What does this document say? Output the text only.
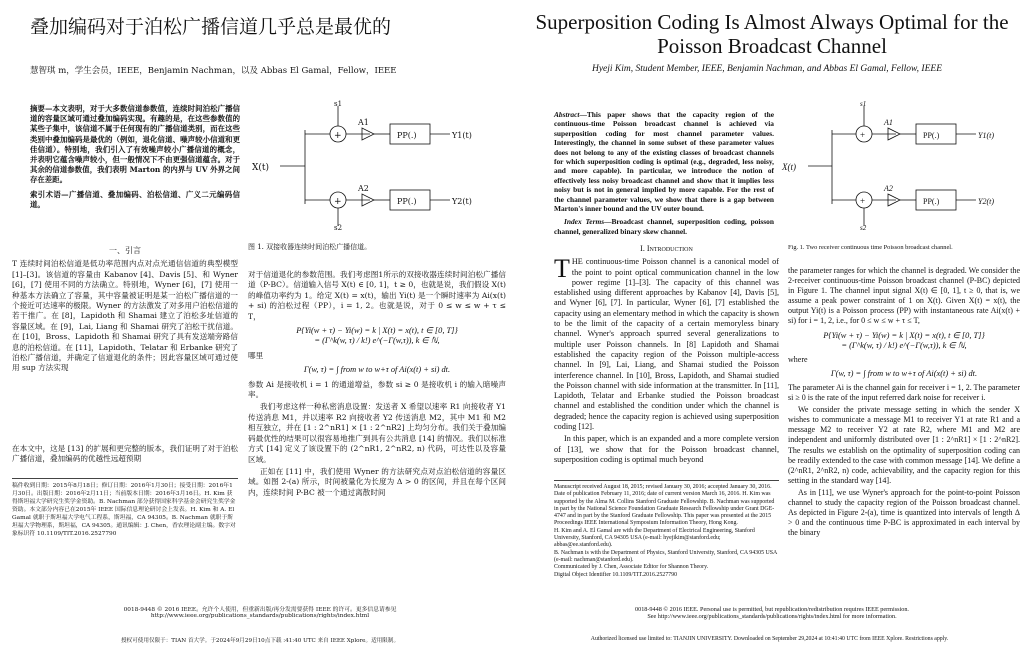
叠加编码对于泊松广播信道几乎总是最优的
慧智琪 m，学生会员，IEEE，Benjamin Nachman，以及 Abbas El Gamal，Fellow，IEEE
摘要—本文表明，对于大多数信道参数值，连续时间泊松广播信道的容量区域可通过叠加编码实现。有趣的是，在这些参数值的某些子集中，该信道不属于任何现有的广播信道类别，而在这些类别中叠加编码是最优的（例如，退化信道、噪声较小信道和更佳信道）。特别地，我们引入了有效噪声较小广播信道的概念，并表明它蕴含噪声较小，但一般情况下不由更强信道蕴含。对于其余的信道参数值，我们表明 Marton 的内界与 UV 外界之间存在差距。
索引术语—广播信道、叠加编码、泊松信道、广义二元编码信道。
X(t)
+
+
s1
s2
A1
A2
PP(.)
PP(.)
Y1(t)
Y2(t)
图 1. 双接收器连续时间泊松广播信道。
一、引言

T 连续时间泊松信道是低功率范围内点对点光通信信道的典型模型 [1]–[3]。该信道的容量由 Kabanov [4]、Davis [5]、和 Wyner [6]，[7] 使用不同的方法确立。特别地，Wyner [6]，[7] 使用一种基本方法确立了容量，其中容量被证明是某一泊松广播信道的一个接近可达速率的极限。Wyner 的方法激发了对多用户泊松信道的若干推广。在 [8]，Lapidoth 和 Shamai 建立了泊松多址信道的容量区域。在 [9]，Lai, Liang 和 Shamai 研究了泊松干扰信道。在 [10]，Bross、Lapidoth 和 Shamai 研究了具有发送端旁路信息的泊松信道。在 [11]，Lapidoth、Telatar 和 Erbanke 研究了泊松广播信道，并确定了信道退化的条件；因此容量区域可通过使用 sup 方法实现

在本文中，这是 [13] 的扩展和更完整的版本，我们证明了对于泊松广播信道，叠加编码的优越性远超预期
稿件收到日期：2015年8月18日；修订日期：2016年1月30日；接受日期：2016年1月30日。出版日期：2016年2月11日；当前版本日期：2016年3月16日。H. Kim 获得斯坦福大学研究生奖学金资助。B. Nachman 部分获得国家科学基金会研究生奖学金资助。本文部分内容已在2015年 IEEE 国际信息理论研讨会上发表。H. Kim 和 A. El Gamal 就职于斯坦福大学电气工程系，斯坦福，CA 94305。B. Nachman 就职于斯坦福大学物理系，斯坦福，CA 94305。通讯编辑：J. Chen，香农理论副主编。数字对象标识符 10.1109/TIT.2016.2527790

对于信道退化的参数范围。我们考虑图1所示的双接收器连续时间泊松广播信道（P-BC）。信道输入信号 X(t) ∈ [0, 1]，t ≥ 0，也就是说，我们假设 X(t) 的峰值功率约为 1。给定 X(t) = x(t)，输出 Yi(t) 是一个瞬时速率为 Ai(x(t) + si) 的泊松过程（PP），i = 1, 2。也就是说，对于 0 ≤ w ≤ w + τ ≤ T，

P{Yi(w + τ) − Yi(w) = k | X(t) = x(t), t ∈ [0, T]}
= (Γ^k(w, τ) / k!) e^(−Γ(w,τ)), k ∈ ℕ,

哪里

Γ(w, τ) = ∫ from w to w+τ of Ai(x(t) + si) dt.

参数 Ai 是接收机 i = 1 的通道增益，参数 si ≥ 0 是接收机 i 的输入暗噪声率。

我们考虑这样一种私密消息设置：发送者 X 希望以速率 R1 向接收者 Y1 传送消息 M1，并以速率 R2 向接收者 Y2 传送消息 M2，其中 M1 和 M2 相互独立，并在 [1 : 2^nR1] × [1 : 2^nR2] 上均匀分布。我们关于叠加编码最优性的结果可以很容易地推广到具有公共消息 [14] 的情况。我们以标准方式 [14] 定义了该设置下的 (2^nR1, 2^nR2, n) 代码，可达性以及容量区域。

正如在 [11] 中，我们使用 Wyner 的方法研究点对点泊松信道的容量区域。如图 2-(a) 所示，时间被量化为长度为 Δ > 0 的区间，并且在每个区间内，连续时间 P-BC 被一个通过离散时间

0018-9448 © 2016 IEEE。允许个人使用，但重新出版/再分发需要获得 IEEE 的许可。更多信息请参见
http://www.ieee.org/publications_standards/publications/rights/index.html
授权可使用仅限于：TIAN 首大学。于2024年9月29日10点下载 :41:40 UTC 来自 IEEE Xplore。适用限制。
Superposition Coding Is Almost Always Optimal for the Poisson Broadcast Channel
Hyeji Kim, Student Member, IEEE, Benjamin Nachman, and Abbas El Gamal, Fellow, IEEE
Abstract—This paper shows that the capacity region of the continuous-time Poisson broadcast channel is achieved via superposition coding for most channel parameter values. Interestingly, the channel in some subset of these parameter values does not belong to any of the existing classes of broadcast channels for which superposition coding is optimal (e.g., degraded, less noisy, and more capable). In particular, we introduce the notion of effectively less noisy broadcast channel and show that it implies less noisy but is not in general implied by more capable. For the rest of the channel parameter values, we show that there is a gap between Marton's inner bound and the UV outer bound.
Index Terms—Broadcast channel, superposition coding, poisson channel, generalized binary skew channel.
X(t)
+
+
s1
s2
A1
A2
PP(.)
PP(.)
Y1(t)
Y2(t)
Fig. 1. Two receiver continuous time Poisson broadcast channel.
I. Introduction

THE continuous-time Poisson channel is a canonical model of the point to point optical communication channel in the low power regime [1]–[3]. The capacity of this channel was established using different approaches by Kabanov [4], Davis [5], and Wyner [6], [7]. In particular, Wyner [6], [7] established the capacity using an elementary method in which the capacity is shown to be the limit of the capacity of a certain memoryless binary channel. Wyner's approach spurred several generalizations to multiple user Poisson channels. In [8] Lapidoth and Shamai established the capacity region of the Poisson multiple-access channel. In [9], Lai, Liang, and Shamai studied the Poisson interference channel. In [10], Bross, Lapidoth, and Shamai studied the Poisson channel with side information at the transmitter. In [11], Lapidoth, Telatar and Erbanke studied the Poisson broadcast channel and established the condition under which the channel is degraded; hence the capacity region is achieved using superposition coding [12].

In this paper, which is an expanded and a more complete version of [13], we show that for the Poisson broadcast channel, superposition coding is optimal much beyond

Manuscript received August 18, 2015; revised January 30, 2016; accepted January 30, 2016. Date of publication February 11, 2016; date of current version March 16, 2016. H. Kim was supported by the Alma M. Collins Stanford Graduate Fellowship. B. Nachman was supported in part by the National Science Foundation Graduate Research Fellowship under Grant DGE-4747 and in part by the Stanford Graduate Fellowship. This paper was presented at the 2015 Proceedings IEEE International Symposium Information Theory, Hong Kong.
H. Kim and A. El Gamal are with the Department of Electrical Engineering, Stanford University, Stanford, CA 94305 USA (e-mail: hyejikim@stanford.edu; abbas@ee.stanford.edu).
B. Nachman is with the Department of Physics, Stanford University, Stanford, CA 94305 USA (e-mail: nachman@stanford.edu).
Communicated by J. Chen, Associate Editor for Shannon Theory.
Digital Object Identifier 10.1109/TIT.2016.2527790

the parameter ranges for which the channel is degraded. We consider the 2-receiver continuous-time Poisson broadcast channel (P-BC) depicted in Figure 1. The channel input signal X(t) ∈ [0, 1], t ≥ 0, that is, we assume a peak power constraint of 1 on X(t). Given X(t) = x(t), the output Yi(t) is a Poisson process (PP) with instantaneous rate Ai(x(t) + si) for i = 1, 2, i.e., for 0 ≤ w ≤ w + τ ≤ T,

P{Yi(w + τ) − Yi(w) = k | X(t) = x(t), t ∈ [0, T]}
= (Γ^k(w, τ) / k!) e^(−Γ(w,τ)), k ∈ ℕ,

where

Γ(w, τ) = ∫ from w to w+τ of Ai(x(t) + si) dt.

The parameter Ai is the channel gain for receiver i = 1, 2. The parameter si ≥ 0 is the rate of the input referred dark noise for receiver i.

We consider the private message setting in which the sender X wishes to communicate a message M1 to receiver Y1 at rate R1 and a message M2 to receiver Y2 at rate R2, where M1 and M2 are independent and uniformly distributed over [1 : 2^nR1] × [1 : 2^nR2]. The results we establish on the optimality of superposition coding can be readily extended to the case with common message [14]. We define a (2^nR1, 2^nR2, n) code, achievability, and the capacity region for this setting in the standard way [14].

As in [11], we use Wyner's approach for the point-to-point Poisson channel to study the capacity region of the Poisson broadcast channel. As depicted in Figure 2-(a), time is quantized into intervals of length Δ > 0 and the continuous time P-BC is approximated in each interval by the binary

0018-9448 © 2016 IEEE. Personal use is permitted, but republication/redistribution requires IEEE permission.
See http://www.ieee.org/publications_standards/publications/rights/index.html for more information.
Authorized licensed use limited to: TIANJIN UNIVERSITY. Downloaded on September 29,2024 at 10:41:40 UTC from IEEE Xplore. Restrictions apply.
